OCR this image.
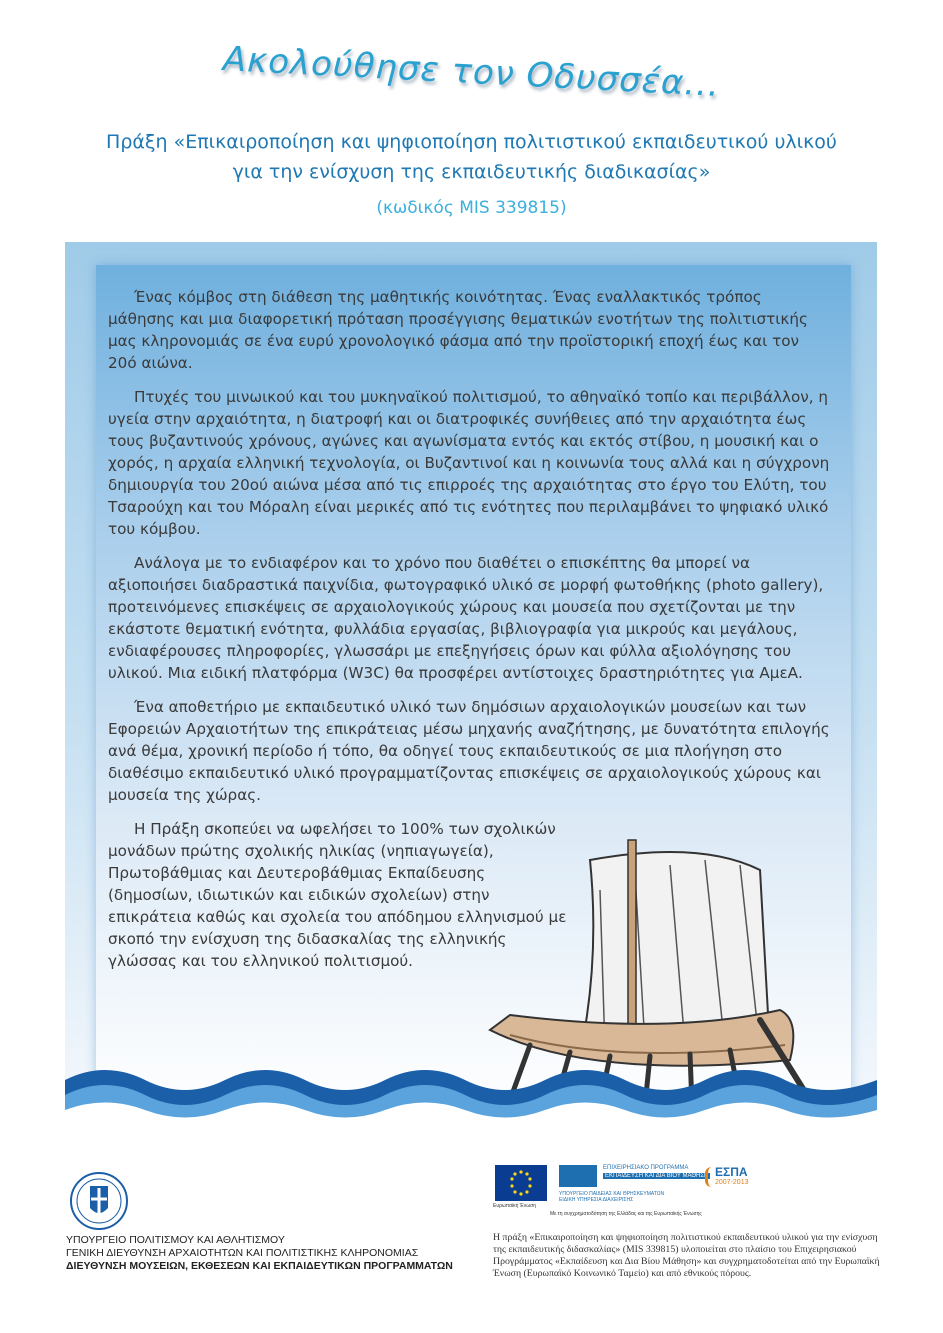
Ακολούθησε τον Οδυσσέα...
Πράξη «Επικαιροποίηση και ψηφιοποίηση πολιτιστικού εκπαιδευτικού υλικού
για την ενίσχυση της εκπαιδευτικής διαδικασίας»
(κωδικός MIS 339815)

Ένας κόμβος στη διάθεση της μαθητικής κοινότητας. Ένας εναλλακτικός τρόπος μάθησης και μια διαφορετική πρόταση προσέγγισης θεματικών ενοτήτων της πολιτιστικής μας κληρονομιάς σε ένα ευρύ χρονολογικό φάσμα από την προϊστορική εποχή έως και τον 20ό αιώνα.

Πτυχές του μινωικού και του μυκηναϊκού πολιτισμού, το αθηναϊκό τοπίο και περιβάλλον, η υγεία στην αρχαιότητα, η διατροφή και οι διατροφικές συνήθειες από την αρχαιότητα έως τους βυζαντινούς χρόνους, αγώνες και αγωνίσματα εντός και εκτός στίβου, η μουσική και ο χορός, η αρχαία ελληνική τεχνολογία, οι Βυζαντινοί και η κοινωνία τους αλλά και η σύγχρονη δημιουργία του 20ού αιώνα μέσα από τις επιρροές της αρχαιότητας στο έργο του Ελύτη, του Τσαρούχη και του Μόραλη είναι μερικές από τις ενότητες που περιλαμβάνει το ψηφιακό υλικό του κόμβου.

Ανάλογα με το ενδιαφέρον και το χρόνο που διαθέτει ο επισκέπτης θα μπορεί να αξιοποιήσει διαδραστικά παιχνίδια, φωτογραφικό υλικό σε μορφή φωτοθήκης (photo gallery), προτεινόμενες επισκέψεις σε αρχαιολογικούς χώρους και μουσεία που σχετίζονται με την εκάστοτε θεματική ενότητα, φυλλάδια εργασίας, βιβλιογραφία για μικρούς και μεγάλους, ενδιαφέρουσες πληροφορίες, γλωσσάρι με επεξηγήσεις όρων και φύλλα αξιολόγησης του υλικού. Μια ειδική πλατφόρμα (W3C) θα προσφέρει αντίστοιχες δραστηριότητες για ΑμεΑ.

Ένα αποθετήριο με εκπαιδευτικό υλικό των δημόσιων αρχαιολογικών μουσείων και των Εφορειών Αρχαιοτήτων της επικράτειας μέσω μηχανής αναζήτησης, με δυνατότητα επιλογής ανά θέμα, χρονική περίοδο ή τόπο, θα οδηγεί τους εκπαιδευτικούς σε μια πλοήγηση στο διαθέσιμο εκπαιδευτικό υλικό προγραμματίζοντας επισκέψεις σε αρχαιολογικούς χώρους και μουσεία της χώρας.

Η Πράξη σκοπεύει να ωφελήσει το 100% των σχολικών μονάδων πρώτης σχολικής ηλικίας (νηπιαγωγεία), Πρωτοβάθμιας και Δευτεροβάθμιας Εκπαίδευσης (δημοσίων, ιδιωτικών και ειδικών σχολείων) στην επικράτεια καθώς και σχολεία του απόδημου ελληνισμού με σκοπό την ενίσχυση της διδασκαλίας της ελληνικής γλώσσας και του ελληνικού πολιτισμού.

ΥΠΟΥΡΓΕΙΟ ΠΟΛΙΤΙΣΜΟΥ ΚΑΙ ΑΘΛΗΤΙΣΜΟΥ
ΓΕΝΙΚΗ ΔΙΕΥΘΥΝΣΗ ΑΡΧΑΙΟΤΗΤΩΝ ΚΑΙ ΠΟΛΙΤΙΣΤΙΚΗΣ ΚΛΗΡΟΝΟΜΙΑΣ
ΔΙΕΥΘΥΝΣΗ ΜΟΥΣΕΙΩΝ, ΕΚΘΕΣΕΩΝ ΚΑΙ ΕΚΠΑΙΔΕΥΤΙΚΩΝ ΠΡΟΓΡΑΜΜΑΤΩΝ
Ευρωπαϊκή Ένωση
ΕΠΙΧΕΙΡΗΣΙΑΚΟ ΠΡΟΓΡΑΜΜΑ
ΕΚΠΑΙΔΕΥΣΗ ΚΑΙ ΔΙΑ ΒΙΟΥ ΜΑΘΗΣΗ
ΥΠΟΥΡΓΕΙΟ ΠΑΙΔΕΙΑΣ ΚΑΙ ΘΡΗΣΚΕΥΜΑΤΩΝ
ΕΙΔΙΚΗ ΥΠΗΡΕΣΙΑ ΔΙΑΧΕΙΡΙΣΗΣ
ΕΣΠΑ
2007-2013
Με τη συγχρηματοδότηση της Ελλάδας και της Ευρωπαϊκής Ένωσης
Η πράξη «Επικαιροποίηση και ψηφιοποίηση πολιτιστικού εκπαιδευτικού υλικού για την ενίσχυση της εκπαιδευτικής διδασκαλίας» (MIS 339815) υλοποιείται στο πλαίσιο του Επιχειρησιακού Προγράμματος «Εκπαίδευση και Δια Βίου Μάθηση» και συγχρηματοδοτείται από την Ευρωπαϊκή Ένωση (Ευρωπαϊκό Κοινωνικό Ταμείο) και από εθνικούς πόρους.
